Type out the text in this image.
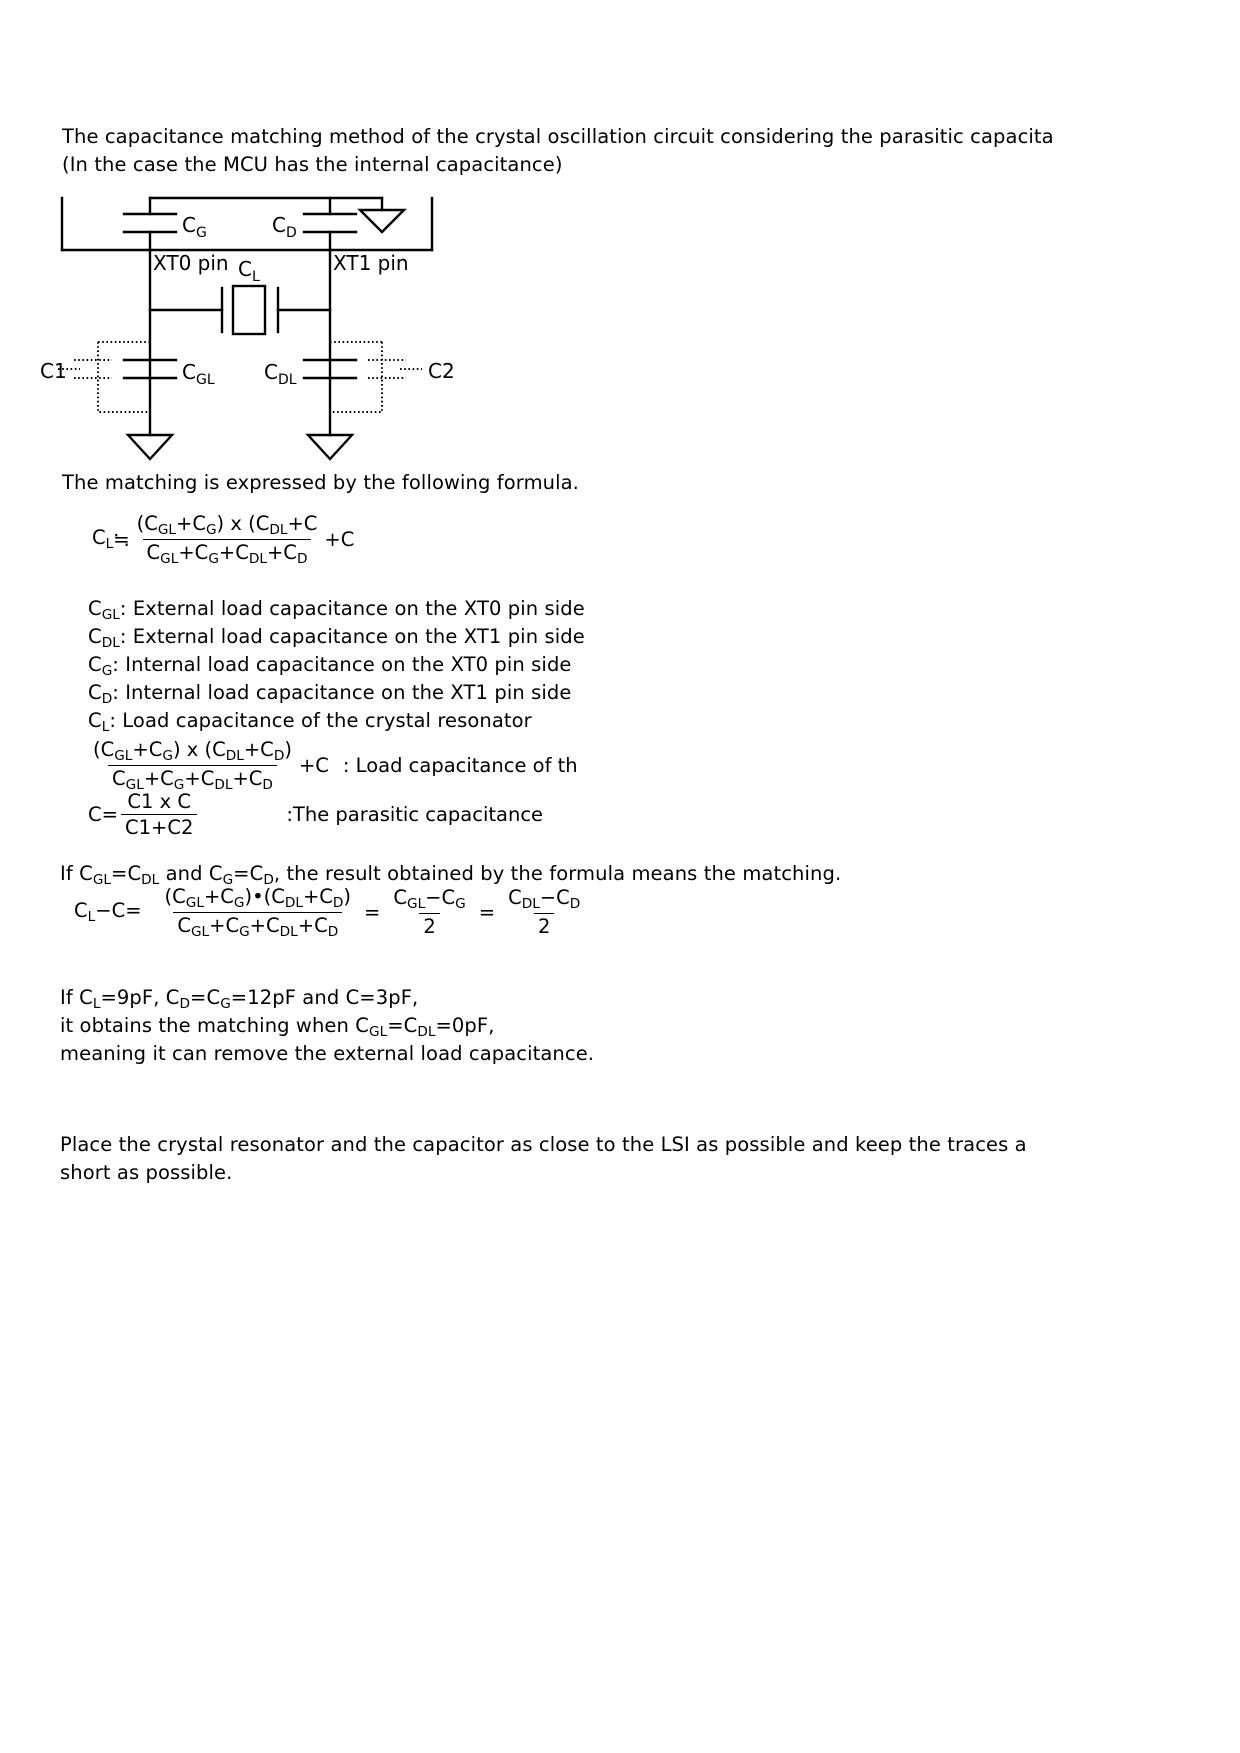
The capacitance matching method of the crystal oscillation circuit considering the parasitic capacita
(In the case the MCU has the internal capacitance)
$C_G$	$C_D$
XT0 pin	XT1 pin
$C_L$
$C_{GL}$ $C_{DL}$
C1	C2
The matching is expressed by the following formula.
$C_L$ ≒ $\frac{(C_{GL}+C_G) x (C_{DL}+C}{C_{GL}+C_G+C_{DL}+C_D} +C$
$C_{GL}$: External load capacitance on the XT0 pin side
$C_{DL}$: External load capacitance on the XT1 pin side
$C_G$: Internal load capacitance on the XT0 pin side
$C_D$: Internal load capacitance on the XT1 pin side
$C_L$: Load capacitance of the crystal resonator
$\frac{(C_{GL}+C_G) x (C_{DL}+C_D)}{C_{GL}+C_G+C_{DL}+C_D} +C$ : Load capacitance of th
$C = \frac{\text{C1 x C}}{C1+C2}$	:The parasitic capacitance
If $C_{GL}=C_{DL}$ and $C_G=C_D$, the result obtained by the formula means the matching.
$C_L-C= \frac{(C_{GL}+C_G)•(C_{DL}+C_D)}{C_{GL}+C_G+C_{DL}+C_D} = \frac{C_{GL}-C_G}{2} = \frac{C_{DL}-C_D}{2}$
If $C_L=9pF$, $C_D=C_G=12pF$ and C=3pF,
it obtains the matching when $C_{GL}=C_{DL}=0pF$,
meaning it can remove the external load capacitance.
Place the crystal resonator and the capacitor as close to the LSI as possible and keep the traces a
short as possible.
